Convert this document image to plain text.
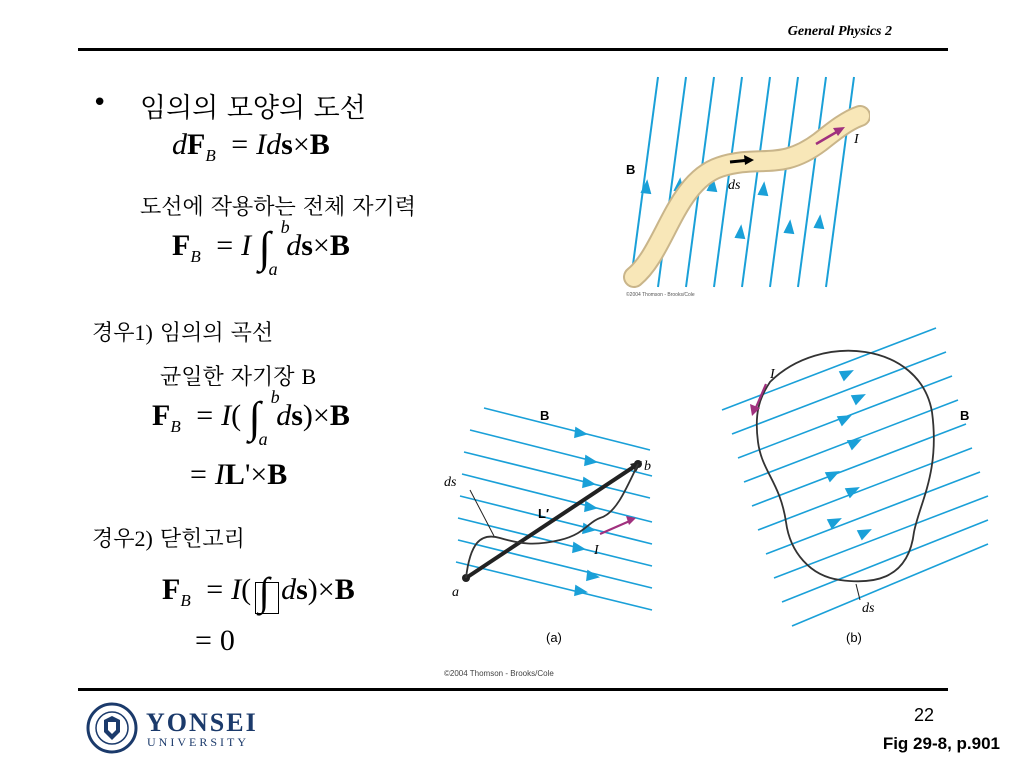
General Physics 2
• 임의의 모양의 도선
$dF_B = Ids\times B$
도선에 작용하는 전체 자기력
$F_B = I$ ∫ b
a
ds×B
경우1) 임의의 곡선
균일한 자기장 B
$F_B = I$( ∫ b
a
ds)×B
= IL'×B
경우2) 닫힌고리
$F_B = I$( ∫ ds)×B
= 0
B
ds
I
©2004 Thomson - Brooks/Cole
B
ds
L′
I
a
b
(a)
B
I
ds
(b)
©2004 Thomson - Brooks/Cole
YONSEI
UNIVERSITY
22
Fig 29-8, p.901
